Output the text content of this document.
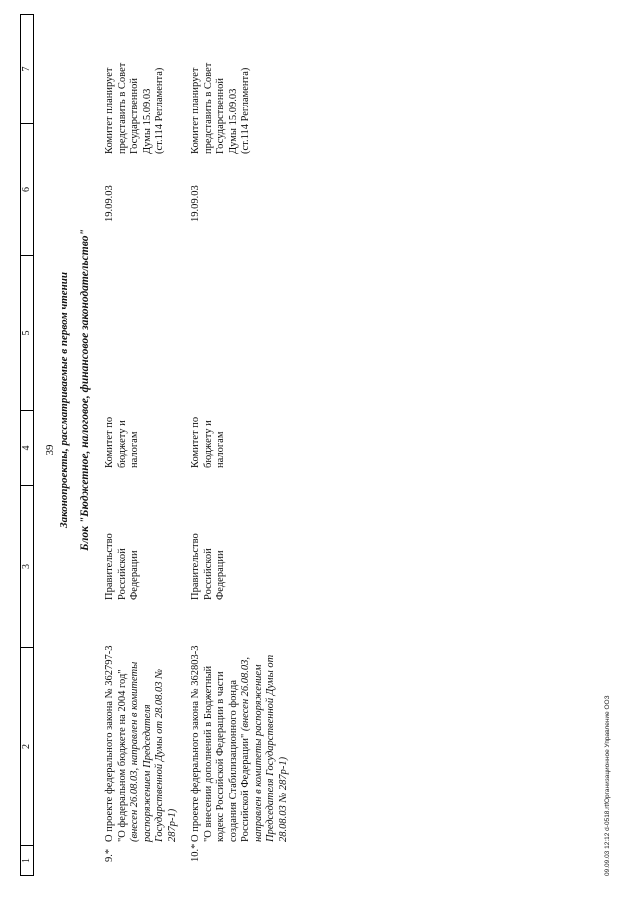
39
1
2
3
4
5
6
7
Законопроекты, рассматриваемые в первом чтении Блок "Бюджетное, налоговое, финансовое законодательство"
9.*
О проекте федерального закона № 362797-3 "О федеральном бюджете на 2004 год" (внесен 26.08.03, направлен в комитеты распоряжением Председателя Государственной Думы от 28.08.03 № 287р-1)
Правительство Российской Федерации
Комитет по бюджету и налогам
19.09.03
Комитет планирует представить в Совет Государственной Думы 15.09.03 (ст.114 Регламента)
10.*
О проекте федерального закона № 362803-3 "О внесении дополнений в Бюджетный кодекс Российской Федерации в части создания Стабилизационного фонда Российской Федерации" (внесен 26.08.03, направлен в комитеты распоряжением Председателя Государственной Думы от 28.08.03 № 287р-1)
Правительство Российской Федерации
Комитет по бюджету и налогам
19.09.03
Комитет планирует представить в Совет Государственной Думы 15.09.03 (ст.114 Регламента)
09.09.03 12:12 d-0518.rtfОрганизационное Управление ООЗ
